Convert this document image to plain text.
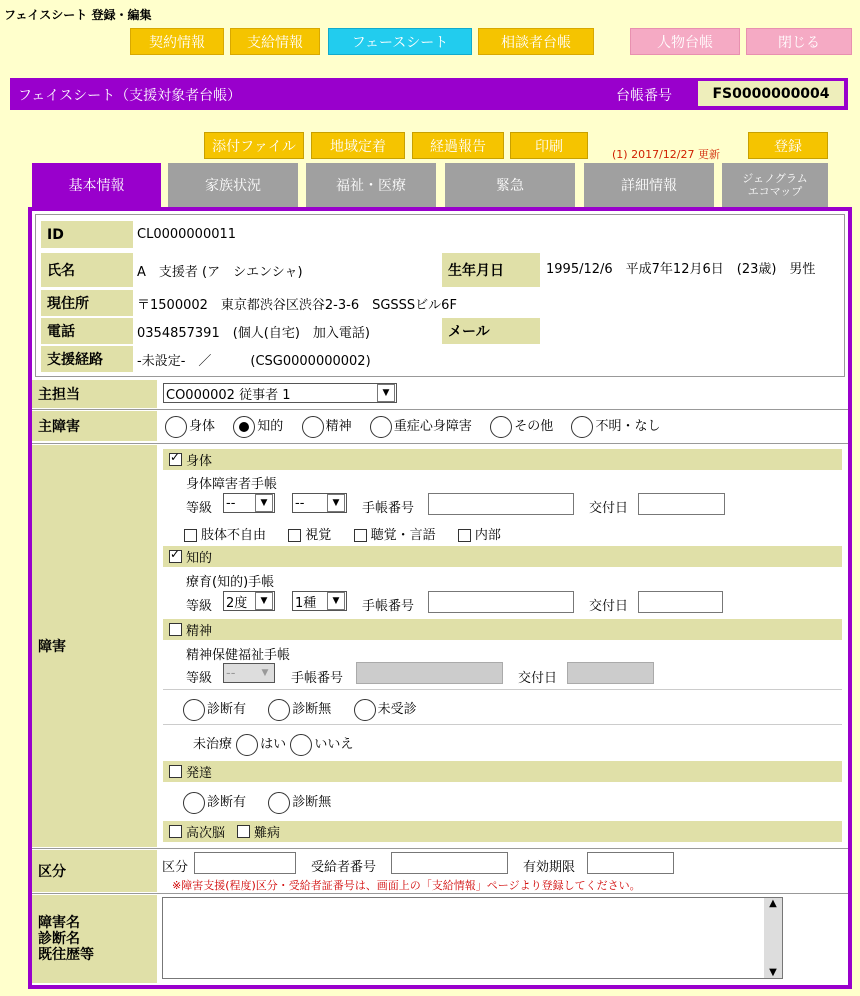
フェイスシート 登録・編集
契約情報	支給情報	フェースシート	相談者台帳	人物台帳	閉じる
フェイスシート（支援対象者台帳）	台帳番号	FS0000000004
添付ファイル	地域定着	経過報告	印刷	(1) 2017/12/27 更新	登録
基本情報	家族状況	福祉・医療	緊急	詳細情報	ジェノグラム
エコマップ
ID	CL0000000011
氏名	A　支援者 (ア　シエンシャ)	生年月日	1995/12/6　平成7年12月6日　(23歳)　男性
現住所	〒1500002　東京都渋谷区渋谷2-3-6　SGSSSビル6F
電話	0354857391　(個人(自宅)　加入電話)	メール
支援経路	-未設定-　／　　　(CSG0000000002)
主担当	CO000002 従事者 1	▼
主障害	身体	知的	精神	重症心身障害	その他	不明・なし
障害
✓
身体
身体障害者手帳
等級 --	▼	--	▼	手帳番号	交付日
肢体不自由	視覚	聴覚・言語	内部
✓
知的
療育(知的)手帳
等級 2度	▼	1種	▼	手帳番号	交付日
精神
精神保健福祉手帳
等級 --	▼	手帳番号	交付日
診断有	診断無	未受診
未治療 はい いいえ
発達
診断有	診断無
高次脳 難病
区分	区分	受給者番号	有効期限
※障害支援(程度)区分・受給者証番号は、画面上の「支給情報」ページより登録してください。
障害名
診断名
既往歴等
▲
▼
